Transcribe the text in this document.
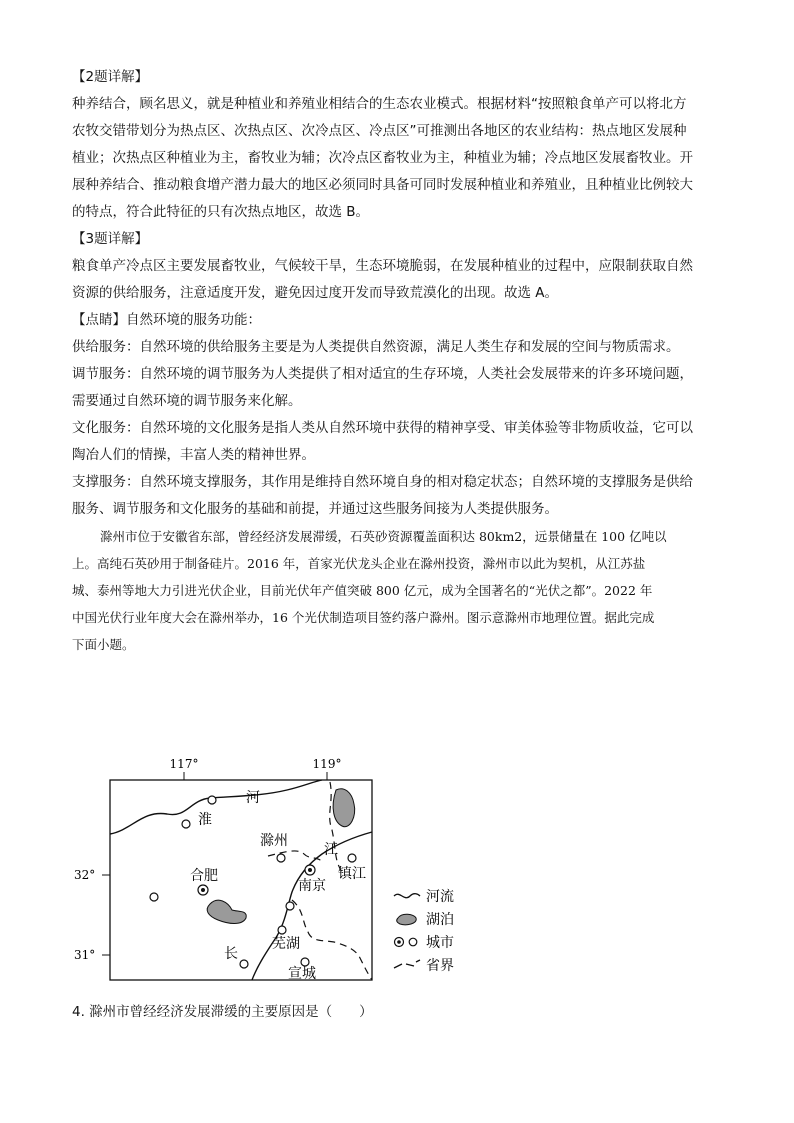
【2题详解】

种养结合，顾名思义，就是种植业和养殖业相结合的生态农业模式。根据材料“按照粮食单产可以将北方

农牧交错带划分为热点区、次热点区、次冷点区、冷点区”可推测出各地区的农业结构：热点地区发展种

植业；次热点区种植业为主，畜牧业为辅；次冷点区畜牧业为主，种植业为辅；冷点地区发展畜牧业。开

展种养结合、推动粮食增产潜力最大的地区必须同时具备可同时发展种植业和养殖业，且种植业比例较大

的特点，符合此特征的只有次热点地区，故选 B。

【3题详解】

粮食单产冷点区主要发展畜牧业，气候较干旱，生态环境脆弱，在发展种植业的过程中，应限制获取自然

资源的供给服务，注意适度开发，避免因过度开发而导致荒漠化的出现。故选 A。

【点睛】自然环境的服务功能：

供给服务：自然环境的供给服务主要是为人类提供自然资源，满足人类生存和发展的空间与物质需求。

调节服务：自然环境的调节服务为人类提供了相对适宜的生存环境，人类社会发展带来的许多环境问题，

需要通过自然环境的调节服务来化解。

文化服务：自然环境的文化服务是指人类从自然环境中获得的精神享受、审美体验等非物质收益，它可以

陶冶人们的情操，丰富人类的精神世界。

支撑服务：自然环境支撑服务，其作用是维持自然环境自身的相对稳定状态；自然环境的支撑服务是供给

服务、调节服务和文化服务的基础和前提，并通过这些服务间接为人类提供服务。

滁州市位于安徽省东部，曾经经济发展滞缓，石英砂资源覆盖面积达 80km2，远景储量在 100 亿吨以

上。高纯石英砂用于制备硅片。2016 年，首家光伏龙头企业在滁州投资，滁州市以此为契机，从江苏盐

城、泰州等地大力引进光伏企业，目前光伏年产值突破 800 亿元，成为全国著名的“光伏之都”。2022 年

中国光伏行业年度大会在滁州举办，16 个光伏制造项目签约落户滁州。图示意滁州市地理位置。据此完成

下面小题。

117°	119°
32°
31°
河
淮
滁州
江
合肥
南京
镇江
长
芜湖
宣城
河流
湖泊
城市
省界
4. 滁州市曾经经济发展滞缓的主要原因是（　　）
